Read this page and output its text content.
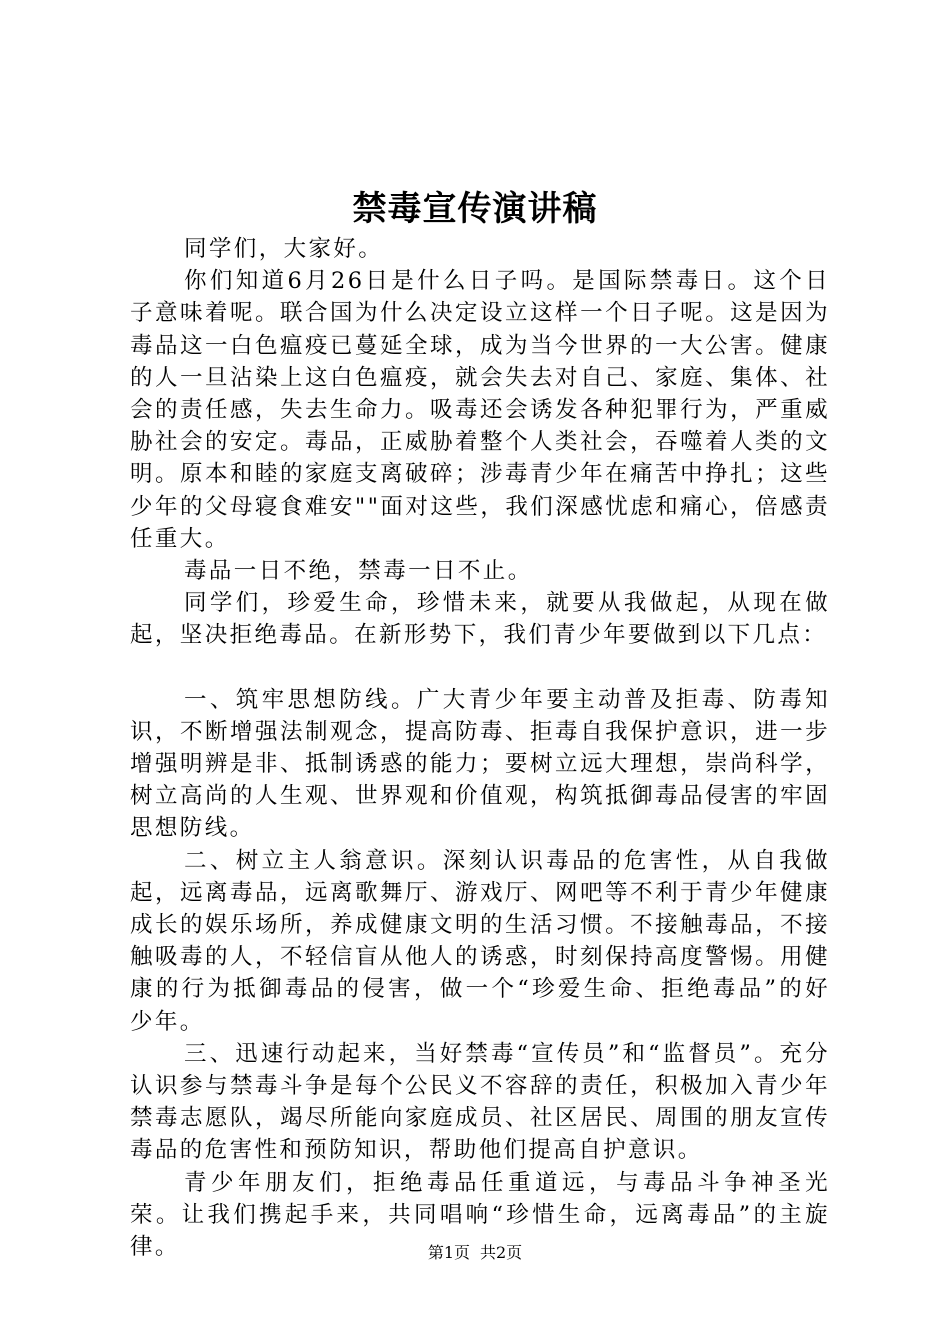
禁毒宣传演讲稿

同学们，大家好。

你们知道6月26日是什么日子吗。是国际禁毒日。这个日子意味着呢。联合国为什么决定设立这样一个日子呢。这是因为毒品这一白色瘟疫已蔓延全球，成为当今世界的一大公害。健康的人一旦沾染上这白色瘟疫，就会失去对自己、家庭、集体、社会的责任感，失去生命力。吸毒还会诱发各种犯罪行为，严重威胁社会的安定。毒品，正威胁着整个人类社会，吞噬着人类的文明。原本和睦的家庭支离破碎；涉毒青少年在痛苦中挣扎；这些少年的父母寝食难安""面对这些，我们深感忧虑和痛心，倍感责任重大。

毒品一日不绝，禁毒一日不止。

同学们，珍爱生命，珍惜未来，就要从我做起，从现在做起，坚决拒绝毒品。在新形势下，我们青少年要做到以下几点：

一、筑牢思想防线。广大青少年要主动普及拒毒、防毒知识，不断增强法制观念，提高防毒、拒毒自我保护意识，进一步增强明辨是非、抵制诱惑的能力；要树立远大理想，崇尚科学，树立高尚的人生观、世界观和价值观，构筑抵御毒品侵害的牢固思想防线。

二、树立主人翁意识。深刻认识毒品的危害性，从自我做起，远离毒品，远离歌舞厅、游戏厅、网吧等不利于青少年健康成长的娱乐场所，养成健康文明的生活习惯。不接触毒品，不接触吸毒的人，不轻信盲从他人的诱惑，时刻保持高度警惕。用健康的行为抵御毒品的侵害，做一个“珍爱生命、拒绝毒品”的好少年。

三、迅速行动起来，当好禁毒“宣传员”和“监督员”。充分认识参与禁毒斗争是每个公民义不容辞的责任，积极加入青少年禁毒志愿队，竭尽所能向家庭成员、社区居民、周围的朋友宣传毒品的危害性和预防知识，帮助他们提高自护意识。

青少年朋友们，拒绝毒品任重道远，与毒品斗争神圣光荣。让我们携起手来，共同唱响“珍惜生命，远离毒品”的主旋律。	第1页 共2页
